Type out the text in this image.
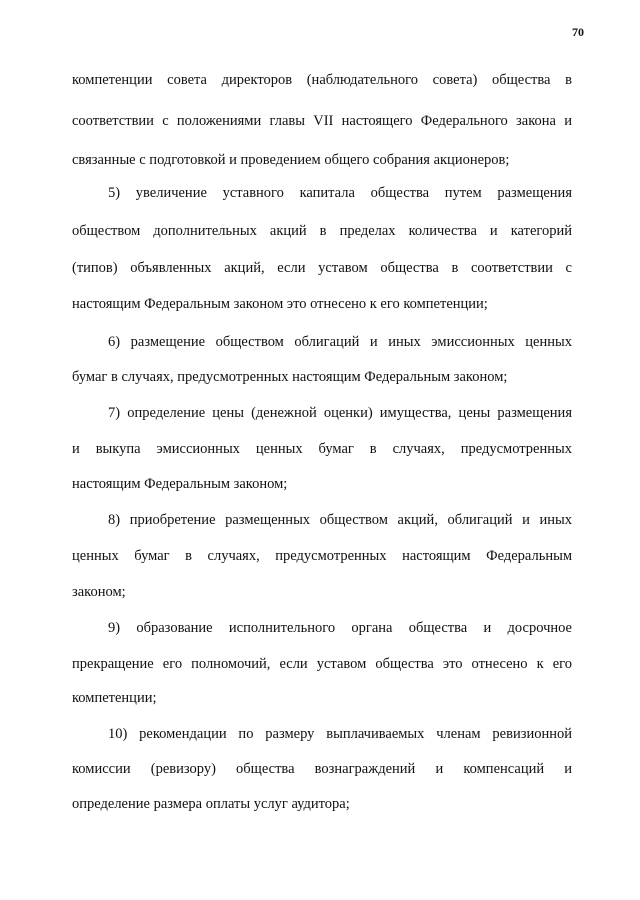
70
компетенции совета директоров (наблюдательного совета) общества в
соответствии с положениями главы VII настоящего Федерального закона и
связанные с подготовкой и проведением общего собрания акционеров;
5) увеличение уставного капитала общества путем размещения
обществом дополнительных акций в пределах количества и категорий
(типов) объявленных акций, если уставом общества в соответствии с
настоящим Федеральным законом это отнесено к его компетенции;
6) размещение обществом облигаций и иных эмиссионных ценных
бумаг в случаях, предусмотренных настоящим Федеральным законом;
7) определение цены (денежной оценки) имущества, цены размещения
и выкупа эмиссионных ценных бумаг в случаях, предусмотренных
настоящим Федеральным законом;
8) приобретение размещенных обществом акций, облигаций и иных
ценных бумаг в случаях, предусмотренных настоящим Федеральным
законом;
9) образование исполнительного органа общества и досрочное
прекращение его полномочий, если уставом общества это отнесено к его
компетенции;
10) рекомендации по размеру выплачиваемых членам ревизионной
комиссии (ревизору) общества вознаграждений и компенсаций и
определение размера оплаты услуг аудитора;
